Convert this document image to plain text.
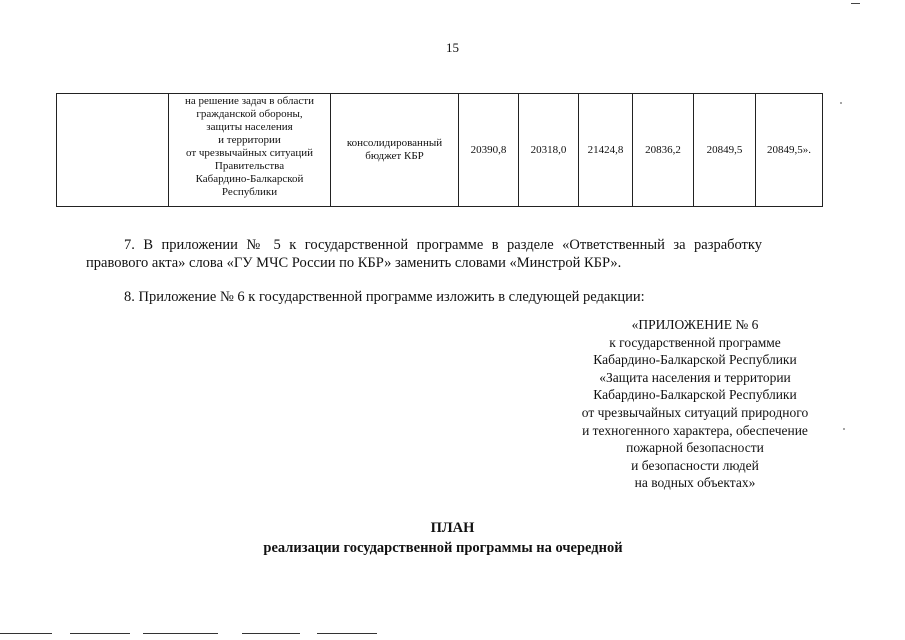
15

на решение задач в области
гражданской обороны,
защиты населения
и территории
от чрезвычайных ситуаций
Правительства
Кабардино-Балкарской
Республики

консолидированный
бюджет КБР
	20390,8	20318,0	21424,8	20836,2	20849,5	20849,5».
7. В приложении № 5 к государственной программе в разделе «Ответственный за разработку правового акта» слова «ГУ МЧС России по КБР» заменить словами «Минстрой КБР».
8. Приложение № 6 к государственной программе изложить в следующей редакции:
«ПРИЛОЖЕНИЕ № 6
к государственной программе
Кабардино-Балкарской Республики
«Защита населения и территории
Кабардино-Балкарской Республики
от чрезвычайных ситуаций природного
и техногенного характера, обеспечение
пожарной безопасности
и безопасности людей
на водных объектах»
ПЛАН
реализации государственной программы на очередной
